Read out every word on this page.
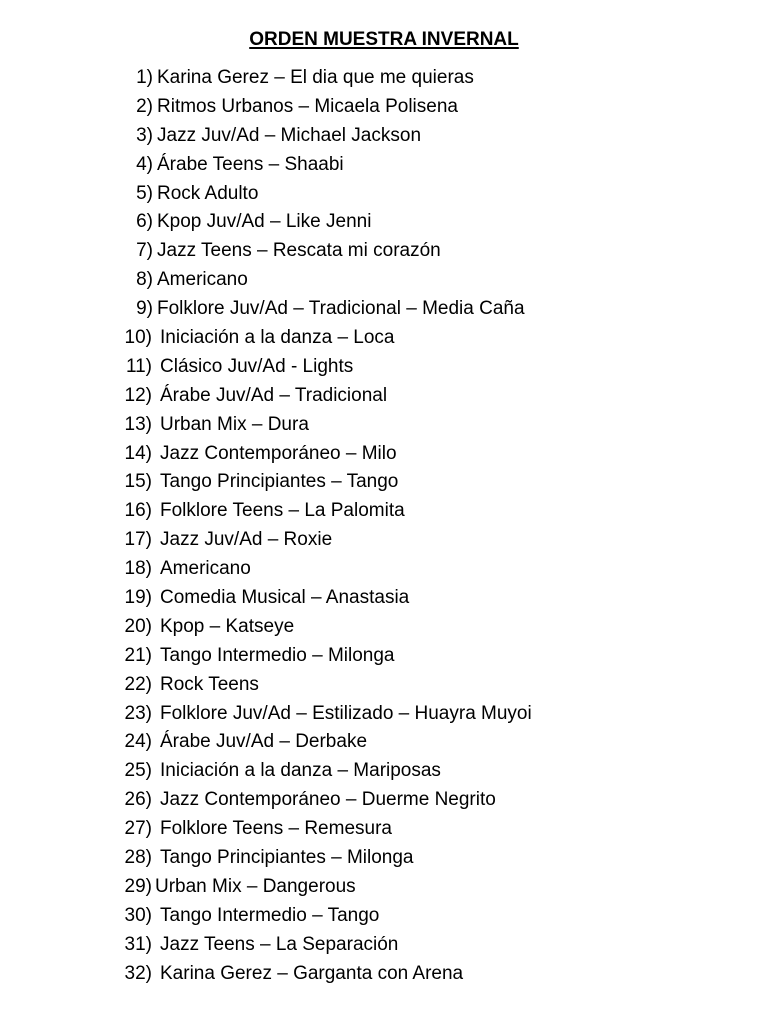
ORDEN MUESTRA INVERNAL
1) Karina Gerez – El dia que me quieras
2) Ritmos Urbanos – Micaela Polisena
3) Jazz Juv/Ad – Michael Jackson
4) Árabe Teens – Shaabi
5) Rock Adulto
6) Kpop Juv/Ad – Like Jenni
7) Jazz Teens – Rescata mi corazón
8) Americano
9) Folklore Juv/Ad – Tradicional – Media Caña
10) Iniciación a la danza – Loca
11) Clásico Juv/Ad - Lights
12) Árabe Juv/Ad – Tradicional
13) Urban Mix – Dura
14) Jazz Contemporáneo – Milo
15) Tango Principiantes – Tango
16) Folklore Teens – La Palomita
17) Jazz Juv/Ad – Roxie
18) Americano
19) Comedia Musical – Anastasia
20) Kpop – Katseye
21) Tango Intermedio – Milonga
22) Rock Teens
23) Folklore Juv/Ad – Estilizado – Huayra Muyoi
24) Árabe Juv/Ad – Derbake
25) Iniciación a la danza – Mariposas
26) Jazz Contemporáneo – Duerme Negrito
27) Folklore Teens – Remesura
28) Tango Principiantes – Milonga
29) Urban Mix – Dangerous
30) Tango Intermedio – Tango
31) Jazz Teens – La Separación
32) Karina Gerez – Garganta con Arena
